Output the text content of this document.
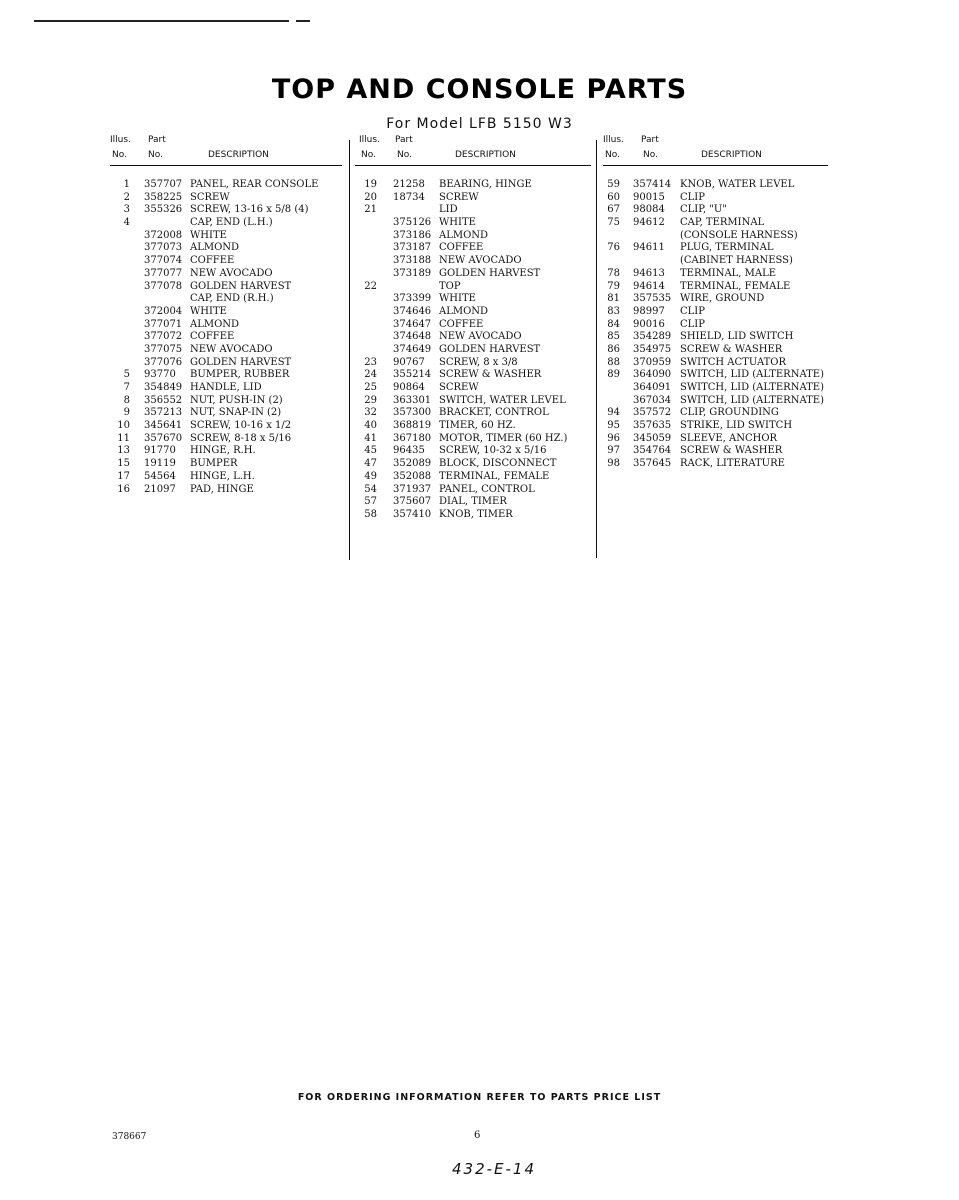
TOP AND CONSOLE PARTS
For Model LFB 5150 W3
Illus. Part
No. No.	DESCRIPTION
1 357707 PANEL, REAR CONSOLE
2 358225 SCREW
3 355326 SCREW, 13-16 x 5/8 (4)
4	CAP, END (L.H.)
372008 WHITE
377073 ALMOND
377074 COFFEE
377077 NEW AVOCADO
377078 GOLDEN HARVEST
CAP, END (R.H.)
372004 WHITE
377071 ALMOND
377072 COFFEE
377075 NEW AVOCADO
377076 GOLDEN HARVEST
5 93770 BUMPER, RUBBER
7 354849 HANDLE, LID
8 356552 NUT, PUSH-IN (2)
9 357213 NUT, SNAP-IN (2)
10 345641 SCREW, 10-16 x 1/2
11 357670 SCREW, 8-18 x 5/16
13 91770 HINGE, R.H.
15 19119 BUMPER
17 54564 HINGE, L.H.
16 21097 PAD, HINGE
Illus. Part
No. No.	DESCRIPTION
19 21258 BEARING, HINGE
20 18734 SCREW
21	LID
375126 WHITE
373186 ALMOND
373187 COFFEE
373188 NEW AVOCADO
373189 GOLDEN HARVEST
22	TOP
373399 WHITE
374646 ALMOND
374647 COFFEE
374648 NEW AVOCADO
374649 GOLDEN HARVEST
23 90767 SCREW, 8 x 3/8
24 355214 SCREW & WASHER
25 90864 SCREW
29 363301 SWITCH, WATER LEVEL
32 357300 BRACKET, CONTROL
40 368819 TIMER, 60 HZ.
41 367180 MOTOR, TIMER (60 HZ.)
45 96435 SCREW, 10-32 x 5/16
47 352089 BLOCK, DISCONNECT
49 352088 TERMINAL, FEMALE
54 371937 PANEL, CONTROL
57 375607 DIAL, TIMER
58 357410 KNOB, TIMER
Illus. Part
No.	No.	DESCRIPTION
59 357414 KNOB, WATER LEVEL
60 90015 CLIP
67 98084 CLIP, "U"
75 94612 CAP, TERMINAL
(CONSOLE HARNESS)
76 94611 PLUG, TERMINAL
(CABINET HARNESS)
78 94613 TERMINAL, MALE
79 94614 TERMINAL, FEMALE
81 357535 WIRE, GROUND
83 98997 CLIP
84 90016 CLIP
85 354289 SHIELD, LID SWITCH
86 354975 SCREW & WASHER
88 370959 SWITCH ACTUATOR
89 364090 SWITCH, LID (ALTERNATE)
364091 SWITCH, LID (ALTERNATE)
367034 SWITCH, LID (ALTERNATE)
94 357572 CLIP, GROUNDING
95 357635 STRIKE, LID SWITCH
96 345059 SLEEVE, ANCHOR
97 354764 SCREW & WASHER
98 357645 RACK, LITERATURE
FOR ORDERING INFORMATION REFER TO PARTS PRICE LIST
378667	6
432-E-14
